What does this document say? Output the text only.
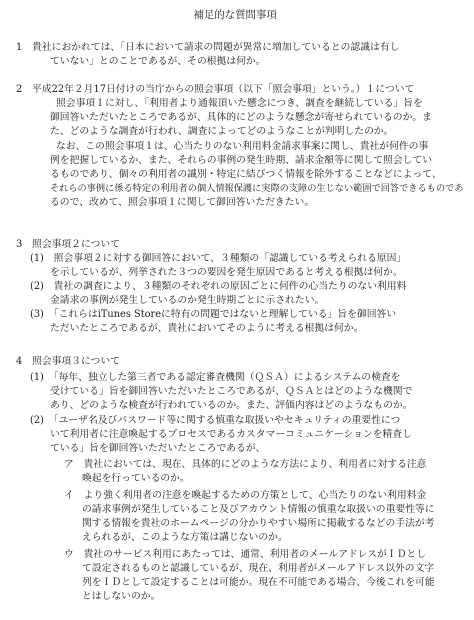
補足的な質問事項
1　貴社におかれては、「日本において請求の問題が異常に増加しているとの認識は有し
ていない」とのことであるが、その根拠は何か。
2　平成22年２月17日付けの当庁からの照会事項（以下「照会事項」という。）１について
照会事項１に対し、「利用者より通報頂いた懸念につき、調査を継続している」旨を
御回答いただいたところであるが、具体的にどのような懸念が寄せられているのか。ま
た、どのような調査が行われ、調査によってどのようなことが判明したのか。
なお、この照会事項１は、心当たりのない利用料金請求事案に関し、貴社が何件の事
例を把握しているか、また、それらの事例の発生時期、請求金額等に関して照会してい
るものであり、個々の利用者の識別・特定に結びつく情報を除外することなどによって、
それらの事例に係る特定の利用者の個人情報保護に実際の支障の生じない範囲で回答できるものであ
るので、改めて、照会事項１に関して御回答いただきたい。
3　照会事項２について
(1)　照会事項２に対する御回答において、３種類の「認識している考えられる原因」
を示しているが、列挙された３つの要因を発生原因であると考える根拠は何か。
(2)　貴社の調査により、３種類のそれぞれの原因ごとに何件の心当たりのない利用料
金請求の事例が発生しているのか発生時期ごとに示されたい。
(3)　「これらはiTunes Storeに特有の問題ではないと理解している」旨を御回答い
ただいたところであるが、貴社においてそのように考える根拠は何か。
4　照会事項３について
(1)　「毎年、独立した第三者である認定審査機関（ＱＳＡ）によるシステムの検査を
受けている」旨を御回答いただいたところであるが、ＱＳＡとはどのような機関で
あり、どのような検査が行われているのか。また、評価内容はどのようなものか。
(2)　「ユーザ名及びパスワード等に関する慎重な取扱いやセキュリティの重要性につ
いて利用者に注意喚起するプロセスであるカスタマーコミュニケーションを精査し
ている」旨を御回答いただいたところであるが、
ア　貴社においては、現在、具体的にどのような方法により、利用者に対する注意
喚起を行っているのか。
イ　より強く利用者の注意を喚起するための方策として、心当たりのない利用料金
の請求事例が発生していること及びアカウント情報の慎重な取扱いの重要性等に
関する情報を貴社のホームページの分かりやすい場所に掲載するなどの手法が考
えられるが、このような方策は講じないのか。
ウ　貴社のサービス利用にあたっては、通常、利用者のメールアドレスがＩＤとし
て設定されるものと認識しているが、現在、利用者がメールアドレス以外の文字
列をＩＤとして設定することは可能か。現在不可能である場合、今後これを可能
とはしないのか。
